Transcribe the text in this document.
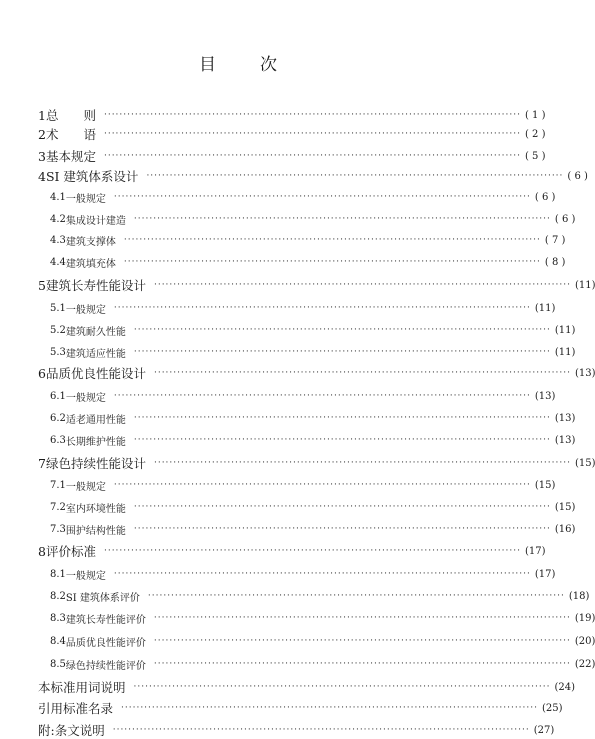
目	次
1 总　　则 ············································································································ ( 1 )
2 术　　语 ············································································································ ( 2 )
3 基本规定 ············································································································ ( 5 )
4 SI 建筑体系设计 ············································································································ ( 6 )
4.1 一般规定 ············································································································ ( 6 )
4.2 集成设计建造 ············································································································ ( 6 )
4.3 建筑支撑体 ············································································································ ( 7 )
4.4 建筑填充体 ············································································································ ( 8 )
5 建筑长寿性能设计 ············································································································ (11)
5.1 一般规定 ············································································································ (11)
5.2 建筑耐久性能 ············································································································ (11)
5.3 建筑适应性能 ············································································································ (11)
6 品质优良性能设计 ············································································································ (13)
6.1 一般规定 ············································································································ (13)
6.2 适老通用性能 ············································································································ (13)
6.3 长期维护性能 ············································································································ (13)
7 绿色持续性能设计 ············································································································ (15)
7.1 一般规定 ············································································································ (15)
7.2 室内环境性能 ············································································································ (15)
7.3 围护结构性能 ············································································································ (16)
8 评价标准 ············································································································ (17)
8.1 一般规定 ············································································································ (17)
8.2 SI 建筑体系评价 ············································································································ (18)
8.3 建筑长寿性能评价 ············································································································ (19)
8.4 品质优良性能评价 ············································································································ (20)
8.5 绿色持续性能评价 ············································································································ (22)
本标准用词说明 ············································································································ (24)
引用标准名录 ············································································································ (25)
附:条文说明 ············································································································ (27)
